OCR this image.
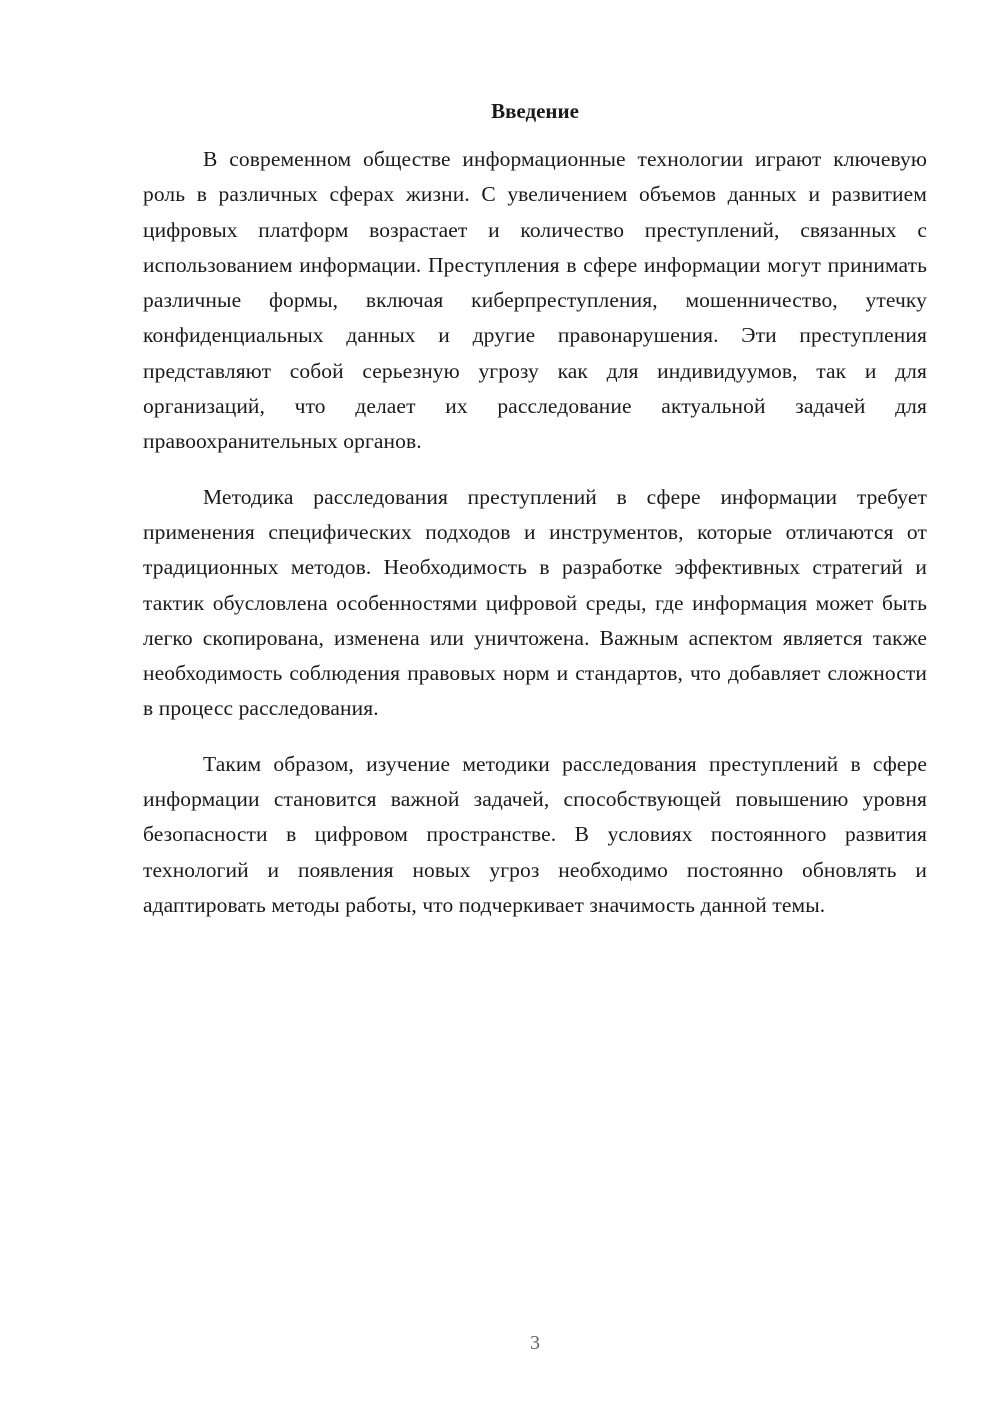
Введение

В современном обществе информационные технологии играют ключевую роль в различных сферах жизни. С увеличением объемов данных и развитием цифровых платформ возрастает и количество преступлений, связанных с использованием информации. Преступления в сфере информации могут принимать различные формы, включая киберпреступления, мошенничество, утечку конфиденциальных данных и другие правонарушения. Эти преступления представляют собой серьезную угрозу как для индивидуумов, так и для организаций, что делает их расследование актуальной задачей для правоохранительных органов.

Методика расследования преступлений в сфере информации требует применения специфических подходов и инструментов, которые отличаются от традиционных методов. Необходимость в разработке эффективных стратегий и тактик обусловлена особенностями цифровой среды, где информация может быть легко скопирована, изменена или уничтожена. Важным аспектом является также необходимость соблюдения правовых норм и стандартов, что добавляет сложности в процесс расследования.

Таким образом, изучение методики расследования преступлений в сфере информации становится важной задачей, способствующей повышению уровня безопасности в цифровом пространстве. В условиях постоянного развития технологий и появления новых угроз необходимо постоянно обновлять и адаптировать методы работы, что подчеркивает значимость данной темы.

3
